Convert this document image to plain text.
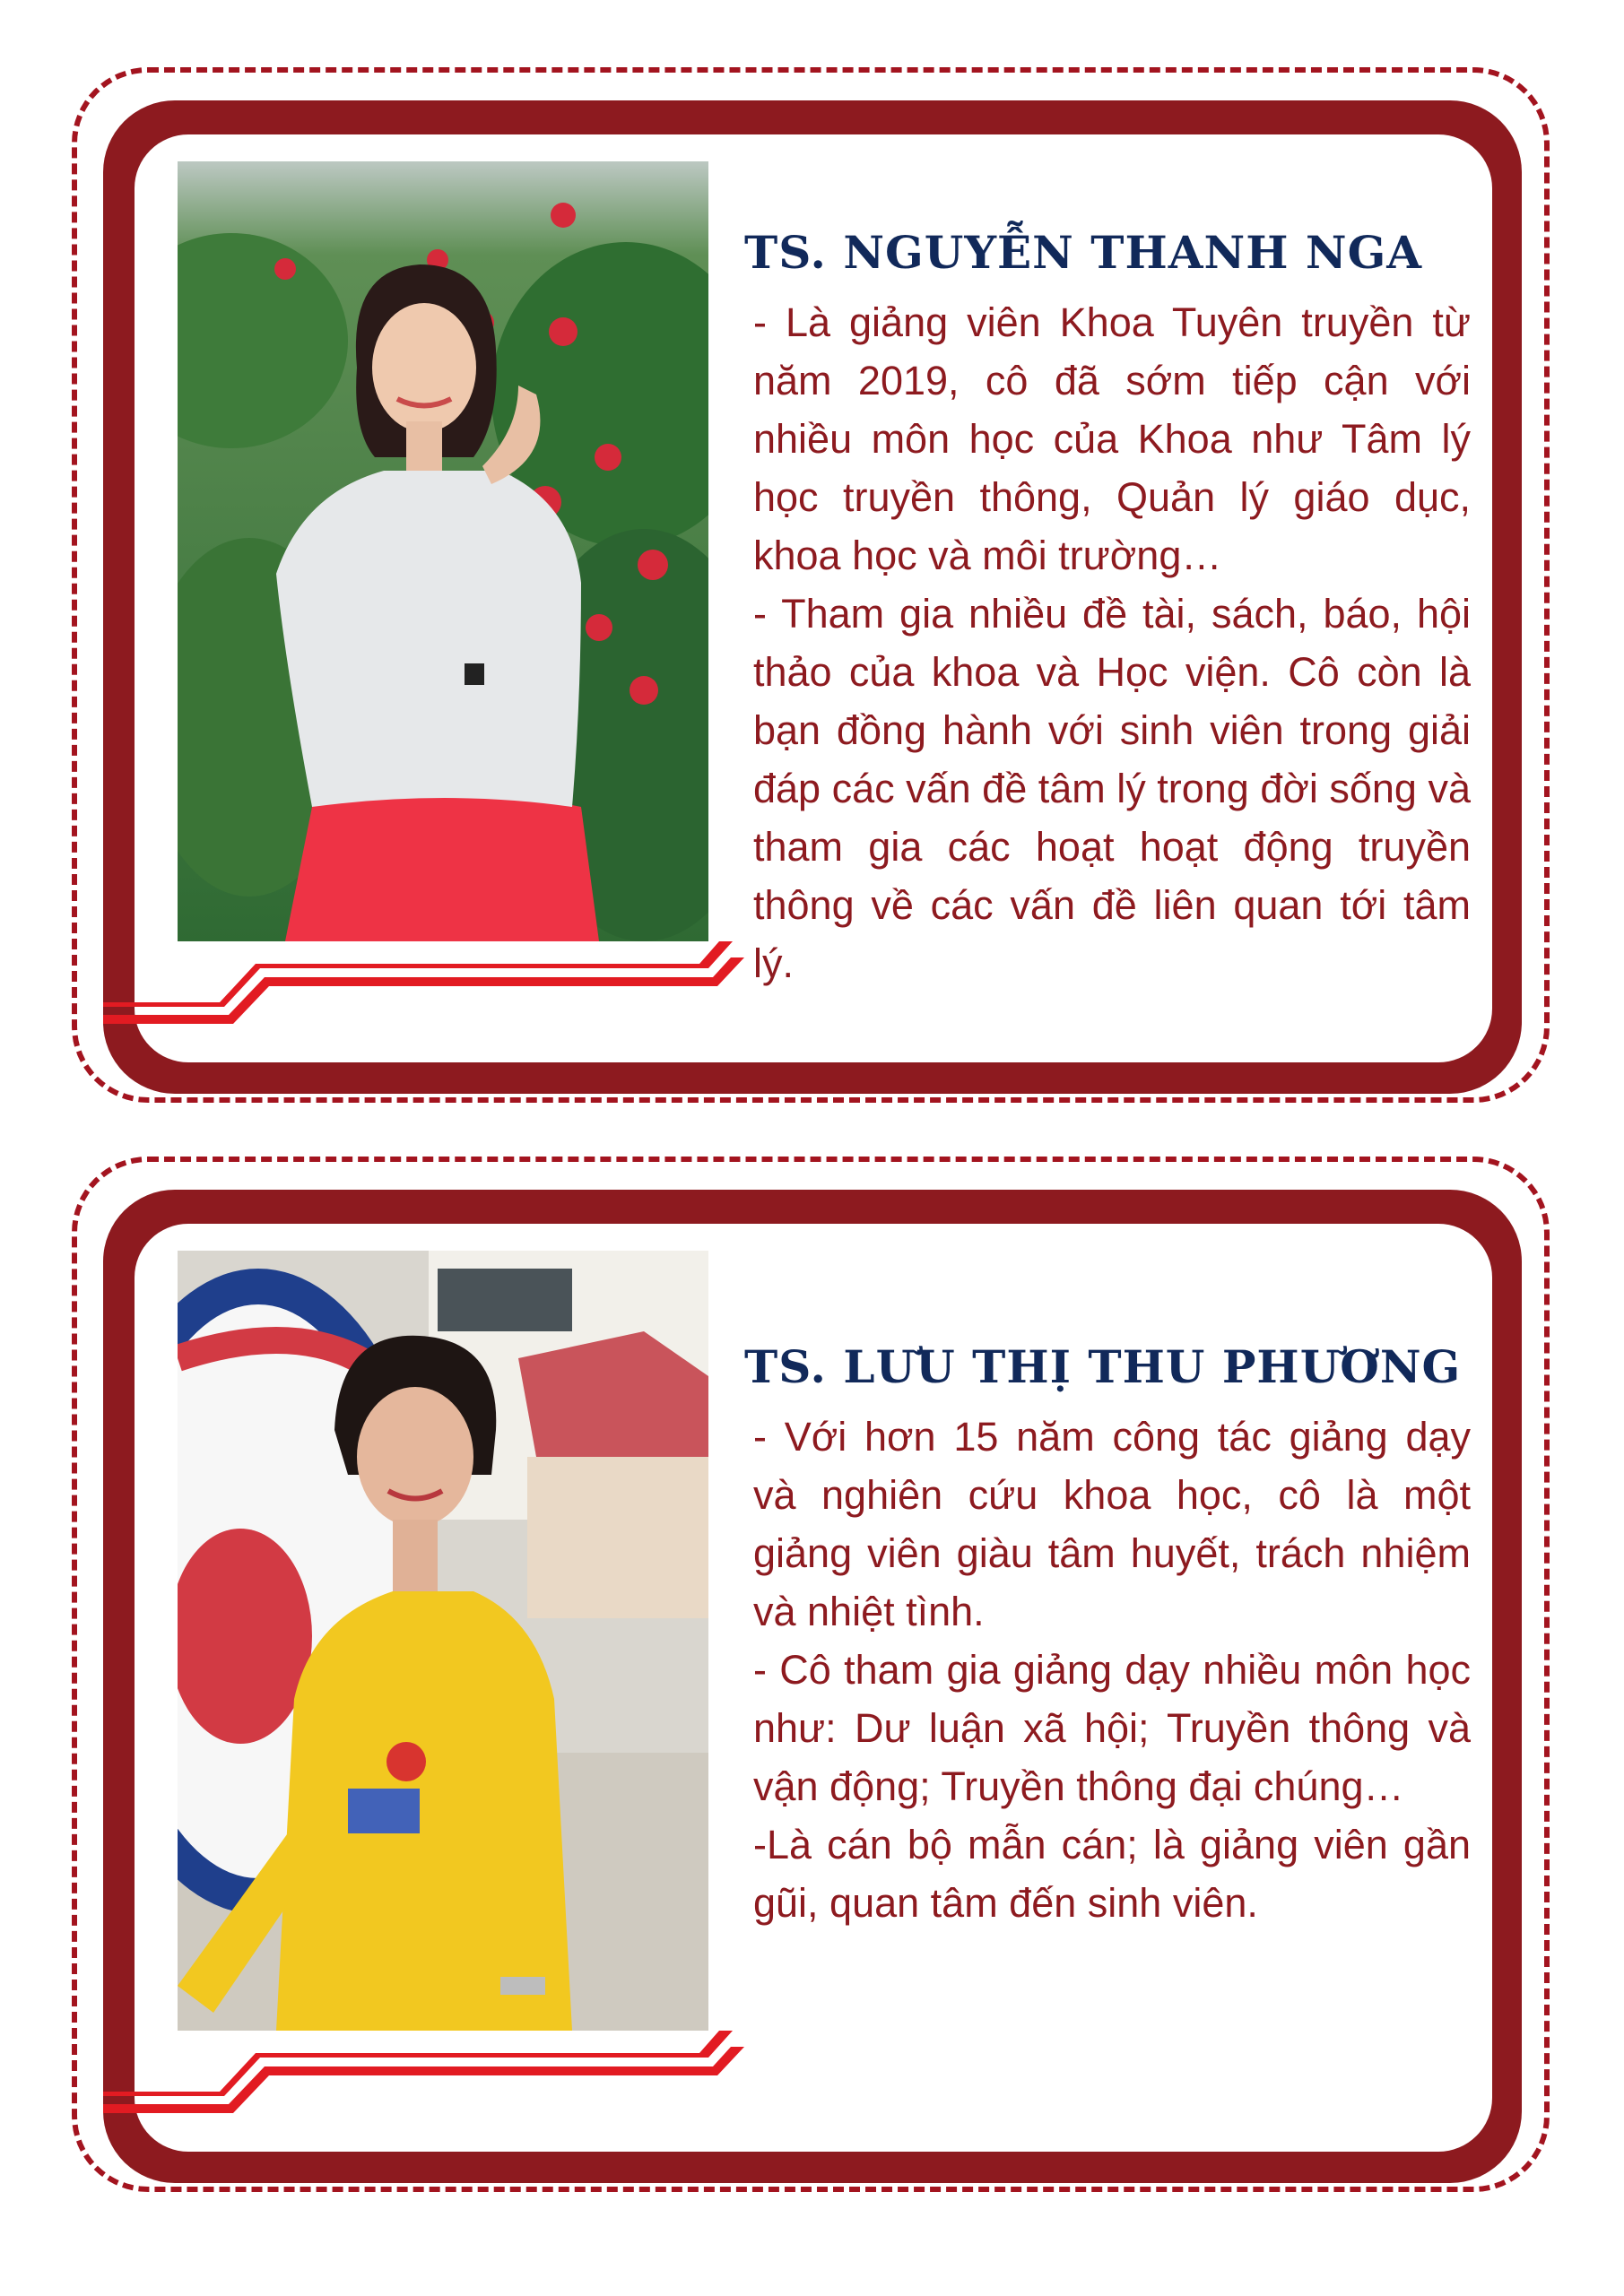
TS. NGUYỄN THANH NGA

- Là giảng viên Khoa Tuyên truyền từ năm 2019, cô đã sớm tiếp cận với nhiều môn học của Khoa như Tâm lý học truyền thông, Quản lý giáo dục, khoa học và môi trường…

- Tham gia nhiều đề tài, sách, báo, hội thảo của khoa và Học viện. Cô còn là bạn đồng hành với sinh viên trong giải đáp các vấn đề tâm lý trong đời sống và tham gia các hoạt hoạt động truyền thông về các vấn đề liên quan tới tâm lý.

TS. LƯU THỊ THU PHƯƠNG

- Với hơn 15 năm công tác giảng dạy và nghiên cứu khoa học, cô là một giảng viên giàu tâm huyết, trách nhiệm và nhiệt tình.

- Cô tham gia giảng dạy nhiều môn học như: Dư luận xã hội; Truyền thông và vận động; Truyền thông đại chúng…

-Là cán bộ mẫn cán; là giảng viên gần gũi, quan tâm đến sinh viên.
